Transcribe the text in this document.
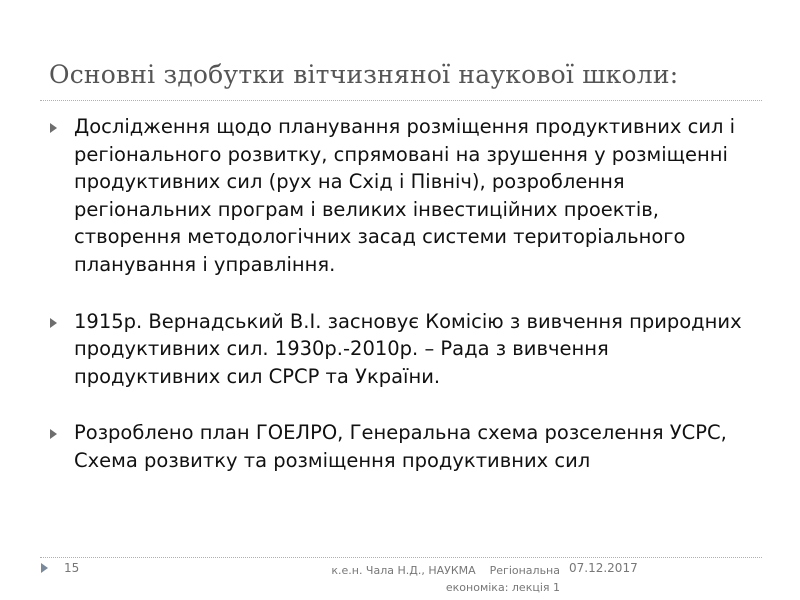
Основні здобутки вітчизняної наукової школи:
Дослідження щодо планування розміщення продуктивних сил і регіонального розвитку, спрямовані на зрушення у розміщенні продуктивних сил (рух на Схід і Північ), розроблення регіональних програм і великих інвестиційних проектів, створення методологічних засад системи територіального планування і управління.
1915р. Вернадський В.І. засновує Комісію з вивчення природних продуктивних сил. 1930р.-2010р. – Рада з вивчення продуктивних сил СРСР та України.
Розроблено план ГОЕЛРО, Генеральна схема розселення УСРС, Схема розвитку та розміщення продуктивних сил
15	к.е.н. Чала Н.Д., НАУКМА    Регіональна
економіка: лекція 1
07.12.2017
